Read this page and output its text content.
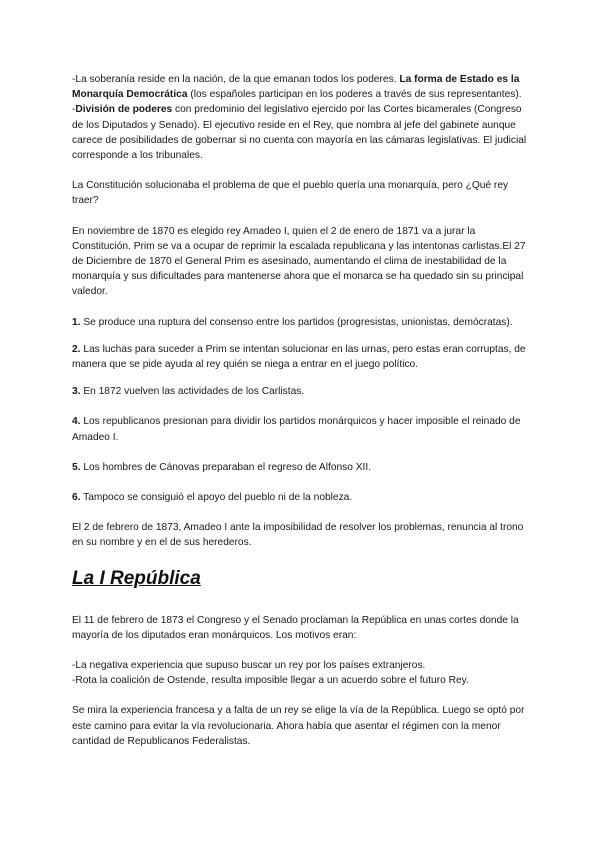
-La soberanía reside en la nación, de la que emanan todos los poderes. La forma de Estado es la Monarquía Democrática (los españoles participan en los poderes a través de sus representantes).

-División de poderes con predominio del legislativo ejercido por las Cortes bicamerales (Congreso de los Diputados y Senado). El ejecutivo reside en el Rey, que nombra al jefe del gabinete aunque carece de posibilidades de gobernar si no cuenta con mayoría en las cámaras legislativas. El judicial corresponde a los tribunales.

La Constitución solucionaba el problema de que el pueblo quería una monarquía, pero ¿Qué rey traer?

En noviembre de 1870 es elegido rey Amadeo I, quien el 2 de enero de 1871 va a jurar la Constitución. Prim se va a ocupar de reprimir la escalada republicana y las intentonas carlistas.El 27 de Diciembre de 1870 el General Prim es asesinado, aumentando el clima de inestabilidad de la monarquía y sus dificultades para mantenerse ahora que el monarca se ha quedado sin su principal valedor.

1. Se produce una ruptura del consenso entre los partidos (progresistas, unionistas, demócratas).

2. Las luchas para suceder a Prim se intentan solucionar en las urnas, pero estas eran corruptas, de manera que se pide ayuda al rey quién se niega a entrar en el juego político.

3. En 1872 vuelven las actividades de los Carlistas.

4. Los republicanos presionan para dividir los partidos monárquicos y hacer imposible el reinado de Amadeo I.

5. Los hombres de Cánovas preparaban el regreso de Alfonso XII.

6. Tampoco se consiguió el apoyo del pueblo ni de la nobleza.

El 2 de febrero de 1873, Amadeo I ante la imposibilidad de resolver los problemas, renuncia al trono en su nombre y en el de sus herederos.

La I República

El 11 de febrero de 1873 el Congreso y el Senado proclaman la República en unas cortes donde la mayoría de los diputados eran monárquicos. Los motivos eran:

-La negativa experiencia que supuso buscar un rey por los países extranjeros.

-Rota la coalición de Ostende, resulta imposible llegar a un acuerdo sobre el futuro Rey.

Se mira la experiencia francesa y a falta de un rey se elige la vía de la República. Luego se optó por este camino para evitar la vía revolucionaria. Ahora había que asentar el régimen con la menor cantidad de Republicanos Federalistas.
